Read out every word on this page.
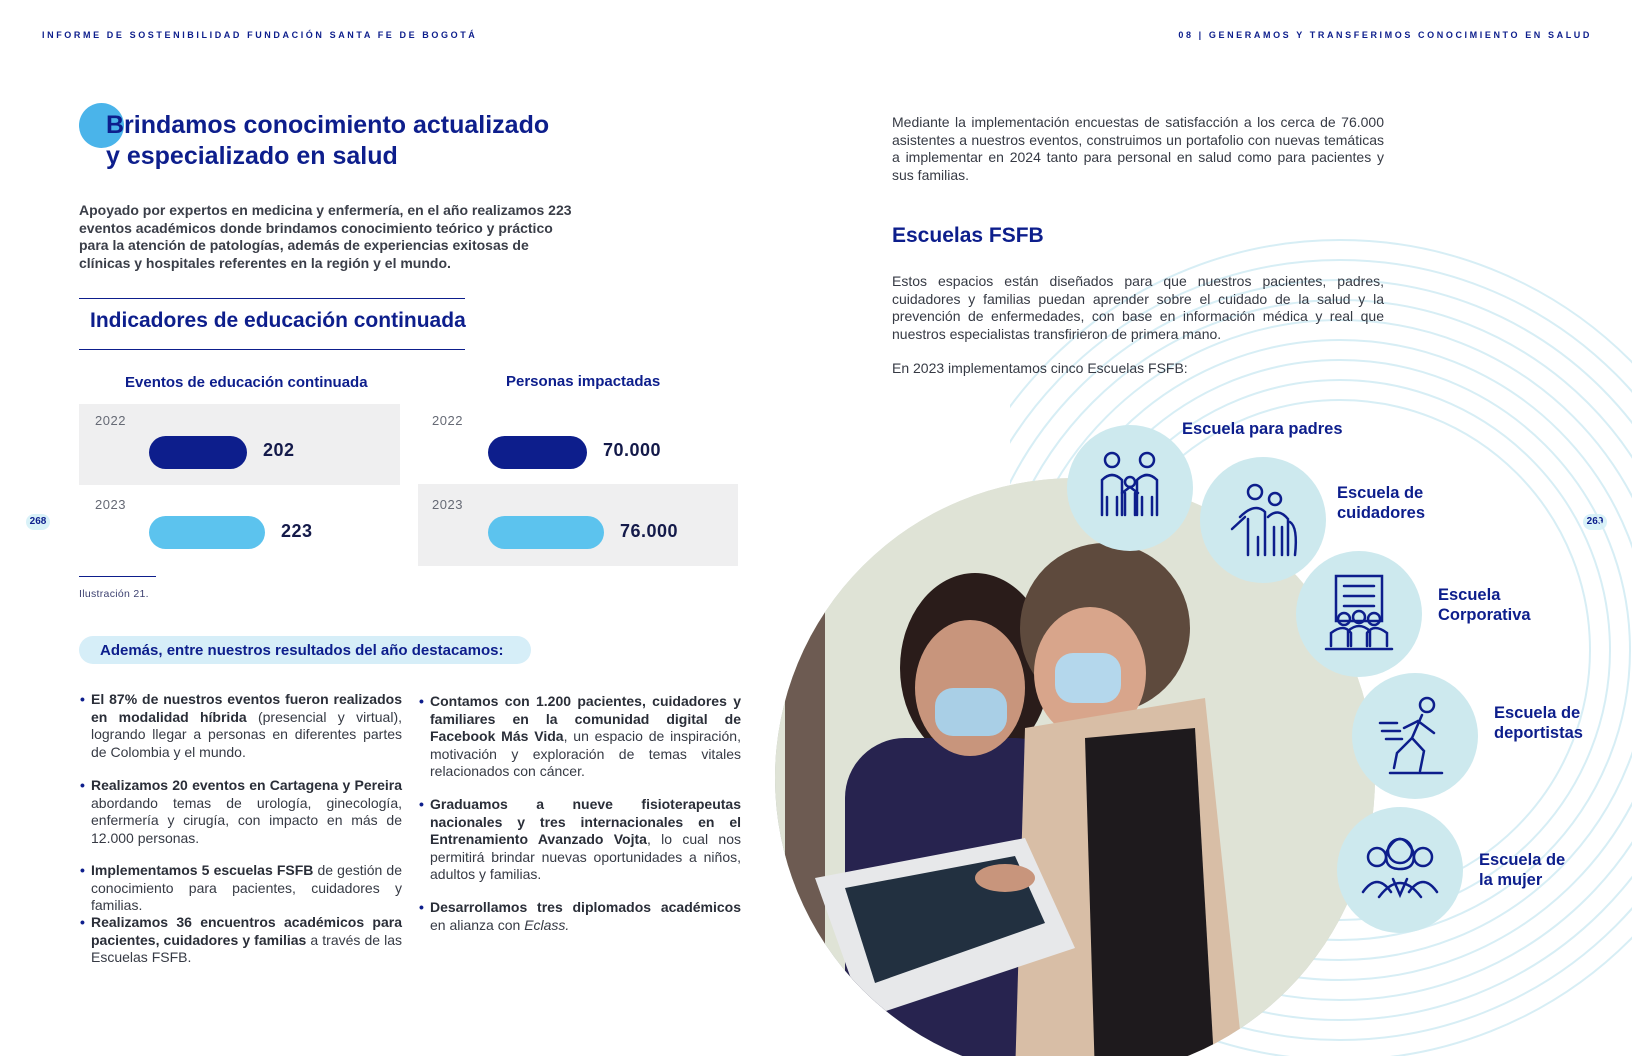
INFORME DE SOSTENIBILIDAD FUNDACIÓN SANTA FE DE BOGOTÁ	08 | GENERAMOS Y TRANSFERIMOS CONOCIMIENTO EN SALUD
268	269
Brindamos conocimiento actualizado
y especializado en salud
Apoyado por expertos en medicina y enfermería, en el año realizamos 223 eventos académicos donde brindamos conocimiento teórico y práctico para la atención de patologías, además de experiencias exitosas de clínicas y hospitales referentes en la región y el mundo.
Indicadores de educación continuada
Eventos de educación continuada	Personas impactadas
2022
2023
2022
2023
202
223
70.000
76.000
Ilustración 21.
Además, entre nuestros resultados del año destacamos:
• El 87% de nuestros eventos fueron realizados en modalidad híbrida (presencial y virtual), logrando llegar a personas en diferentes partes de Colombia y el mundo.
• Realizamos 20 eventos en Cartagena y Pereira abordando temas de urología, ginecología, enfermería y cirugía, con impacto en más de 12.000 personas.
• Implementamos 5 escuelas FSFB de gestión de conocimiento para pacientes, cuidadores y familias.
• Realizamos 36 encuentros académicos para pacientes, cuidadores y familias a través de las Escuelas FSFB.
• Contamos con 1.200 pacientes, cuidadores y familiares en la comunidad digital de Facebook Más Vida, un espacio de inspiración, motivación y exploración de temas vitales relacionados con cáncer.
• Graduamos a nueve fisioterapeutas nacionales y tres internacionales en el Entrenamiento Avanzado Vojta, lo cual nos permitirá brindar nuevas oportunidades a niños, adultos y familias.
• Desarrollamos tres diplomados académicos en alianza con Eclass.
Mediante la implementación encuestas de satisfacción a los cerca de 76.000 asistentes a nuestros eventos, construimos un portafolio con nuevas temáticas a implementar en 2024 tanto para personal en salud como para pacientes y sus familias.
Escuelas FSFB
Estos espacios están diseñados para que nuestros pacientes, padres, cuidadores y familias puedan aprender sobre el cuidado de la salud y la prevención de enfermedades, con base en información médica y real que nuestros especialistas transfirieron de primera mano.
En 2023 implementamos cinco Escuelas FSFB:
Escuela para padres
Escuela de
cuidadores
Escuela
Corporativa
Escuela de
deportistas
Escuela de
la mujer
